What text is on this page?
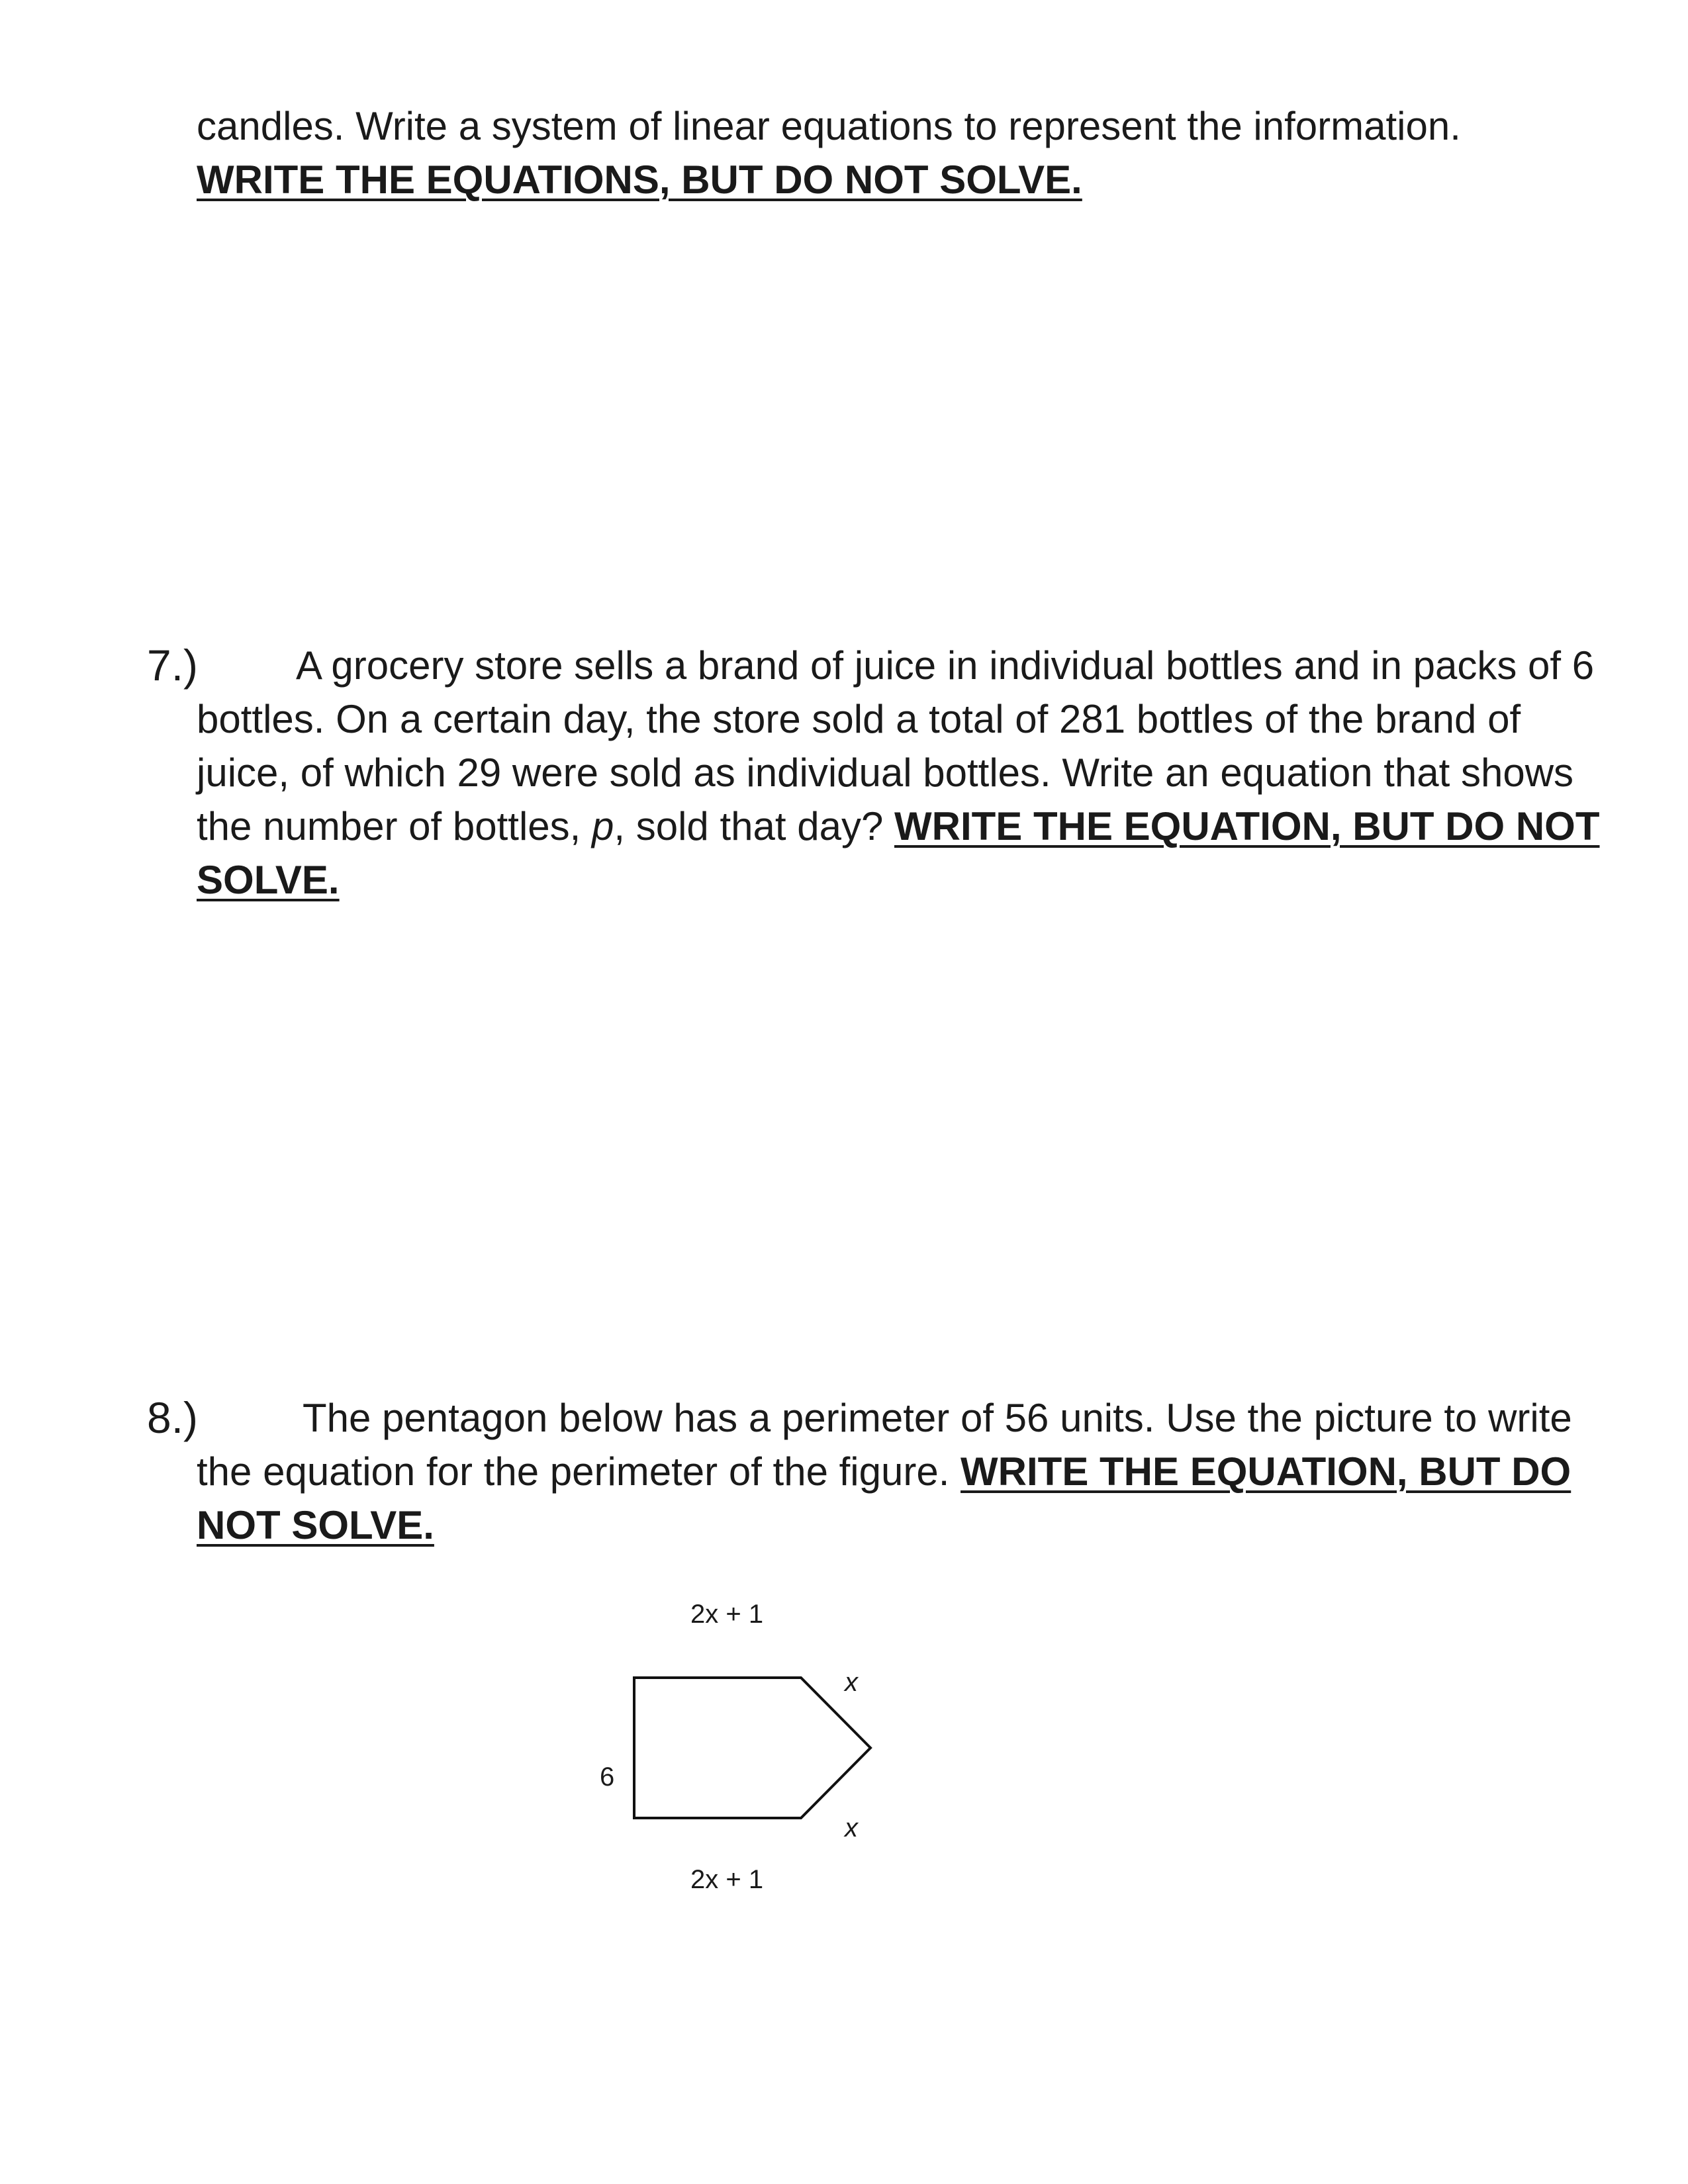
candles. Write a system of linear equations to represent the information.
WRITE THE EQUATIONS, BUT DO NOT SOLVE.

7.)	A grocery store sells a brand of juice in individual bottles and in packs of 6 bottles. On a certain day, the store sold a total of 281 bottles of the brand of juice, of which 29 were sold as individual bottles. Write an equation that shows the number of bottles, p, sold that day? WRITE THE EQUATION, BUT DO NOT SOLVE.

8.)	The pentagon below has a perimeter of 56 units. Use the picture to write the equation for the perimeter of the figure. WRITE THE EQUATION, BUT DO NOT SOLVE.

2x + 1
2x + 1
6
x
x
